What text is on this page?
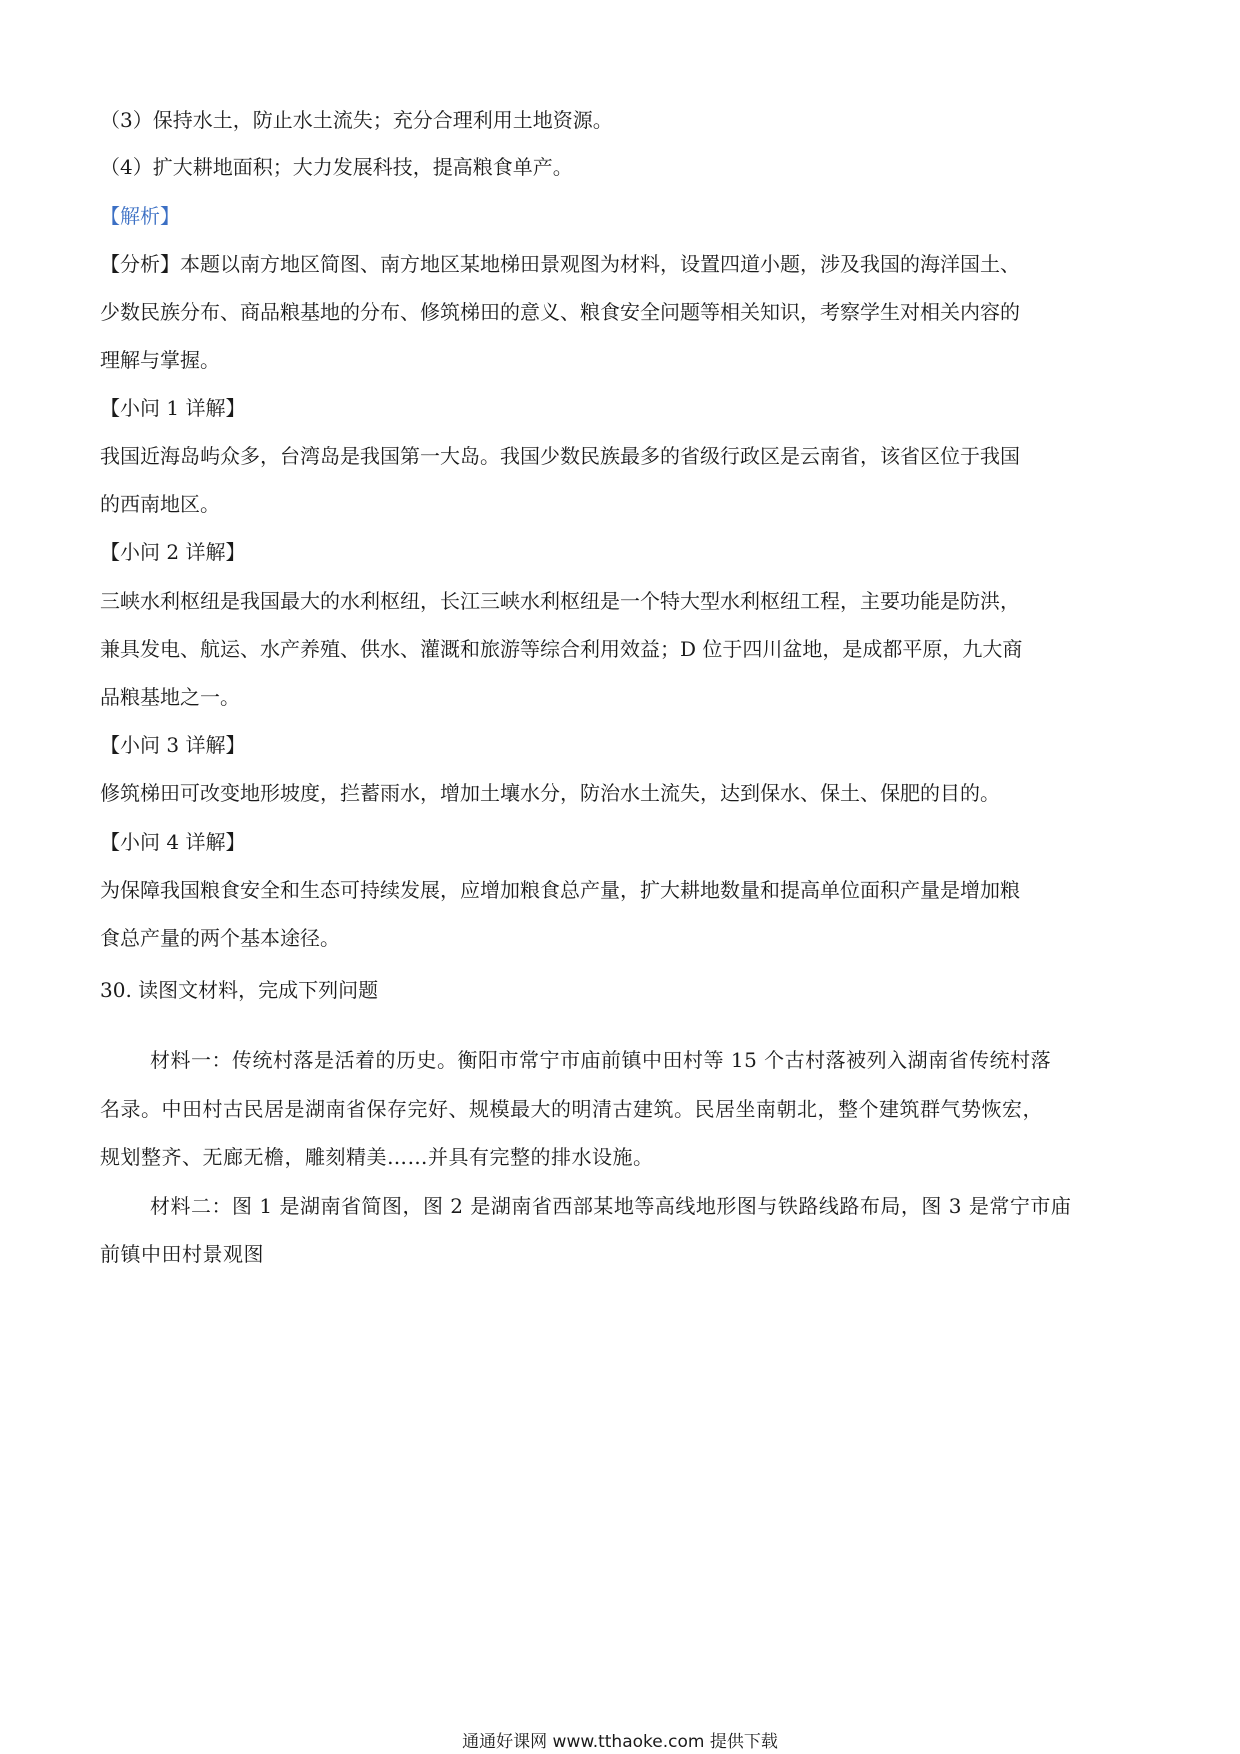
（3）保持水土，防止水土流失；充分合理利用土地资源。
（4）扩大耕地面积；大力发展科技，提高粮食单产。
【解析】
【分析】本题以南方地区简图、南方地区某地梯田景观图为材料，设置四道小题，涉及我国的海洋国土、
少数民族分布、商品粮基地的分布、修筑梯田的意义、粮食安全问题等相关知识，考察学生对相关内容的
理解与掌握。
【小问 1 详解】
我国近海岛屿众多，台湾岛是我国第一大岛。我国少数民族最多的省级行政区是云南省，该省区位于我国
的西南地区。
【小问 2 详解】
三峡水利枢纽是我国最大的水利枢纽，长江三峡水利枢纽是一个特大型水利枢纽工程，主要功能是防洪，
兼具发电、航运、水产养殖、供水、灌溉和旅游等综合利用效益；D 位于四川盆地，是成都平原，九大商
品粮基地之一。
【小问 3 详解】
修筑梯田可改变地形坡度，拦蓄雨水，增加土壤水分，防治水土流失，达到保水、保土、保肥的目的。
【小问 4 详解】
为保障我国粮食安全和生态可持续发展，应增加粮食总产量，扩大耕地数量和提高单位面积产量是增加粮
食总产量的两个基本途径。
30. 读图文材料，完成下列问题
材料一：传统村落是活着的历史。衡阳市常宁市庙前镇中田村等 15 个古村落被列入湖南省传统村落
名录。中田村古民居是湖南省保存完好、规模最大的明清古建筑。民居坐南朝北，整个建筑群气势恢宏，
规划整齐、无廊无檐，雕刻精美……并具有完整的排水设施。
材料二：图 1 是湖南省简图，图 2 是湖南省西部某地等高线地形图与铁路线路布局，图 3 是常宁市庙
前镇中田村景观图
通通好课网 www.tthaoke.com 提供下载
